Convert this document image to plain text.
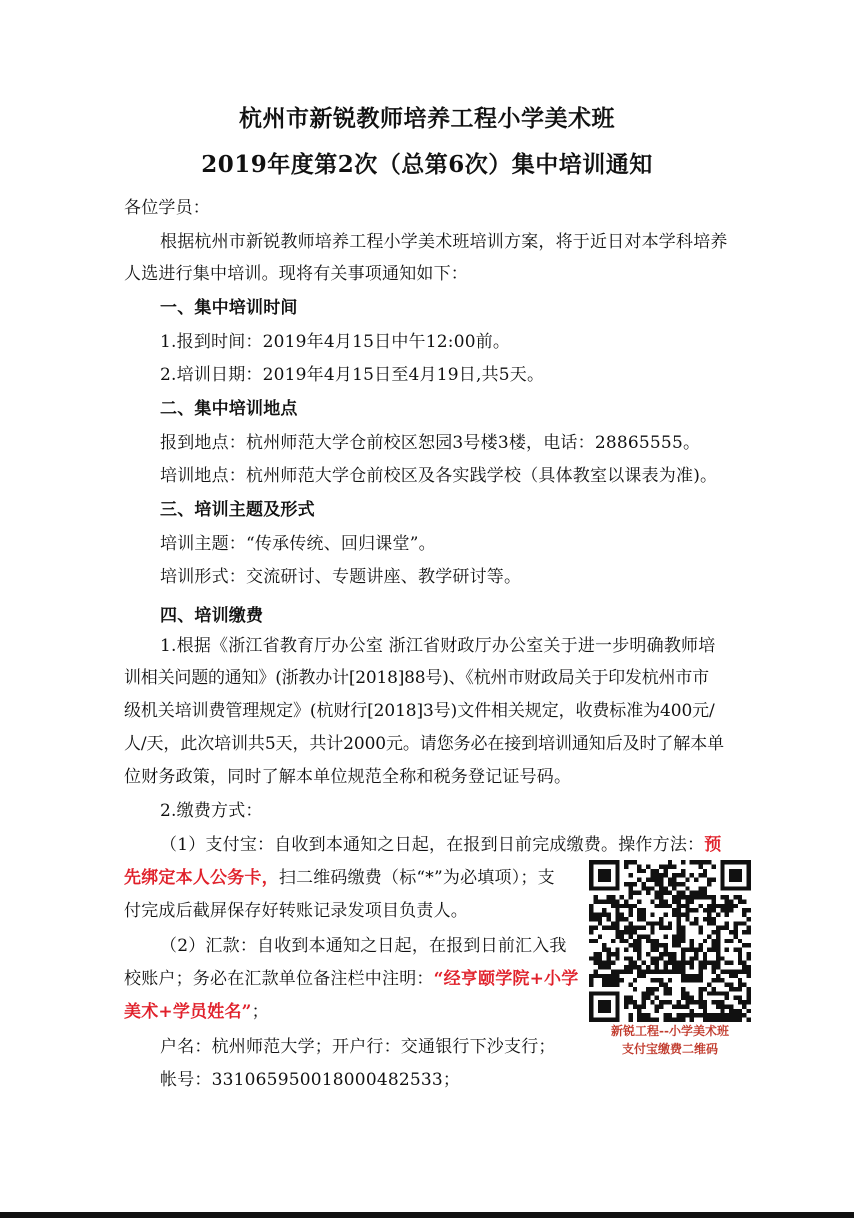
杭州市新锐教师培养工程小学美术班
2019年度第2次（总第6次）集中培训通知
各位学员：
根据杭州市新锐教师培养工程小学美术班培训方案，将于近日对本学科培养
人选进行集中培训。现将有关事项通知如下：
一、集中培训时间
1.报到时间：2019年4月15日中午12:00前。
2.培训日期：2019年4月15日至4月19日,共5天。
二、集中培训地点
报到地点：杭州师范大学仓前校区恕园3号楼3楼，电话：28865555。
培训地点：杭州师范大学仓前校区及各实践学校（具体教室以课表为准)。
三、培训主题及形式
培训主题：“传承传统、回归课堂”。
培训形式：交流研讨、专题讲座、教学研讨等。
四、培训缴费
1.根据《浙江省教育厅办公室 浙江省财政厅办公室关于进一步明确教师培
训相关问题的通知》(浙教办计[2018]88号)、《杭州市财政局关于印发杭州市市
级机关培训费管理规定》(杭财行[2018]3号)文件相关规定，收费标准为400元/
人/天，此次培训共5天，共计2000元。请您务必在接到培训通知后及时了解本单
位财务政策，同时了解本单位规范全称和税务登记证号码。
2.缴费方式：
（1）支付宝：自收到本通知之日起，在报到日前完成缴费。操作方法：预
先绑定本人公务卡，扫二维码缴费（标“*”为必填项）；支
付完成后截屏保存好转账记录发项目负责人。
（2）汇款：自收到本通知之日起，在报到日前汇入我
校账户；务必在汇款单位备注栏中注明：“经亨颐学院+小学
美术+学员姓名”；
户名：杭州师范大学；开户行：交通银行下沙支行；
帐号：331065950018000482533；
新锐工程--小学美术班
支付宝缴费二维码
